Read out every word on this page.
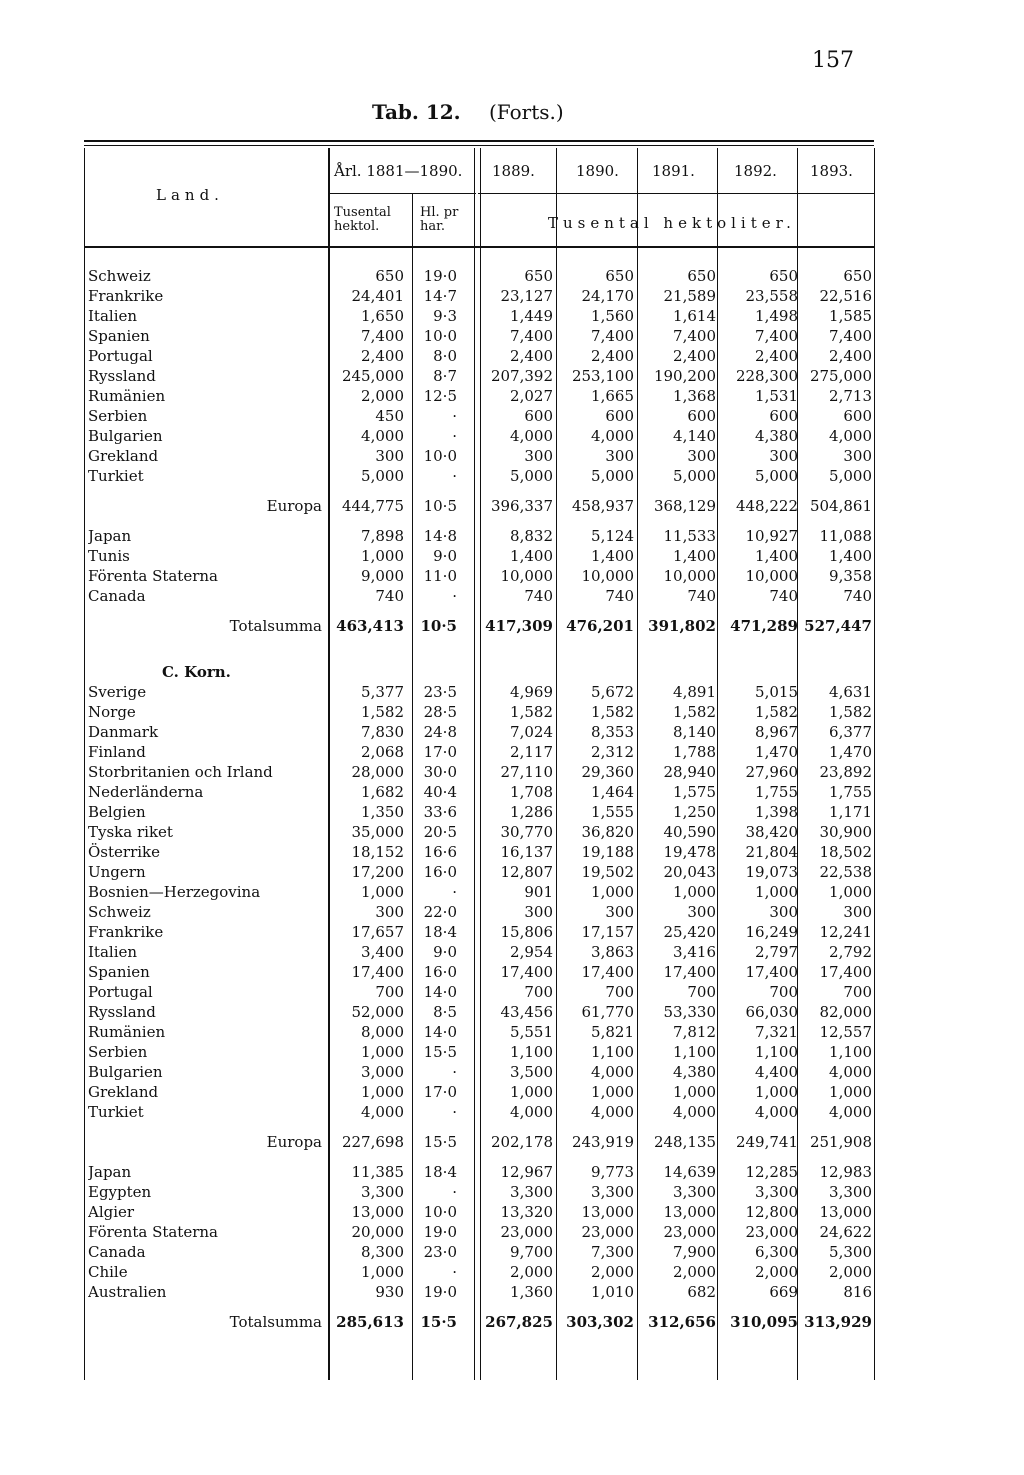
157
Tab. 12. (Forts.)
Land.
Årl. 1881—1890.
Tusental hektol.
Hl. pr har.
1889.	1890. 1891.	1892. 1893.
Tusental hektoliter.
Schweiz	650	19·0	650	650	650	650	650
Frankrike	24,401	14·7	23,127	24,170	21,589	23,558	22,516
Italien	1,650	9·3	1,449	1,560	1,614	1,498	1,585
Spanien	7,400	10·0	7,400	7,400	7,400	7,400	7,400
Portugal	2,400	8·0	2,400	2,400	2,400	2,400	2,400
Ryssland	245,000	8·7	207,392	253,100	190,200	228,300 275,000
Rumänien	2,000	12·5	2,027	1,665	1,368	1,531	2,713
Serbien	450	·	600	600	600	600	600
Bulgarien	4,000	·	4,000	4,000	4,140	4,380	4,000
Grekland	300	10·0	300	300	300	300	300
Turkiet	5,000	·	5,000	5,000	5,000	5,000	5,000
Europa	444,775	10·5	396,337	458,937	368,129	448,222 504,861
Japan	7,898	14·8	8,832	5,124	11,533	10,927	11,088
Tunis	1,000	9·0	1,400	1,400	1,400	1,400	1,400
Förenta Staterna	9,000	11·0	10,000	10,000	10,000	10,000	9,358
Canada	740	·	740	740	740	740	740
Totalsumma 463,413	10·5 417,309 476,201 391,802 471,289 527,447
C. Korn.
Sverige	5,377	23·5	4,969	5,672	4,891	5,015	4,631
Norge	1,582	28·5	1,582	1,582	1,582	1,582	1,582
Danmark	7,830	24·8	7,024	8,353	8,140	8,967	6,377
Finland	2,068	17·0	2,117	2,312	1,788	1,470	1,470
Storbritanien och Irland	28,000	30·0	27,110	29,360	28,940	27,960	23,892
Nederländerna	1,682	40·4	1,708	1,464	1,575	1,755	1,755
Belgien	1,350	33·6	1,286	1,555	1,250	1,398	1,171
Tyska riket	35,000	20·5	30,770	36,820	40,590	38,420	30,900
Österrike	18,152	16·6	16,137	19,188	19,478	21,804	18,502
Ungern	17,200	16·0	12,807	19,502	20,043	19,073	22,538
Bosnien—Herzegovina	1,000	·	901	1,000	1,000	1,000	1,000
Schweiz	300	22·0	300	300	300	300	300
Frankrike	17,657	18·4	15,806	17,157	25,420	16,249	12,241
Italien	3,400	9·0	2,954	3,863	3,416	2,797	2,792
Spanien	17,400	16·0	17,400	17,400	17,400	17,400	17,400
Portugal	700	14·0	700	700	700	700	700
Ryssland	52,000	8·5	43,456	61,770	53,330	66,030	82,000
Rumänien	8,000	14·0	5,551	5,821	7,812	7,321	12,557
Serbien	1,000	15·5	1,100	1,100	1,100	1,100	1,100
Bulgarien	3,000	·	3,500	4,000	4,380	4,400	4,000
Grekland	1,000	17·0	1,000	1,000	1,000	1,000	1,000
Turkiet	4,000	·	4,000	4,000	4,000	4,000	4,000
Europa	227,698	15·5	202,178	243,919	248,135	249,741 251,908
Japan	11,385	18·4	12,967	9,773	14,639	12,285	12,983
Egypten	3,300	·	3,300	3,300	3,300	3,300	3,300
Algier	13,000	10·0	13,320	13,000	13,000	12,800	13,000
Förenta Staterna	20,000	19·0	23,000	23,000	23,000	23,000	24,622
Canada	8,300	23·0	9,700	7,300	7,900	6,300	5,300
Chile	1,000	·	2,000	2,000	2,000	2,000	2,000
Australien	930	19·0	1,360	1,010	682	669	816
Totalsumma 285,613	15·5 267,825 303,302 312,656 310,095 313,929
